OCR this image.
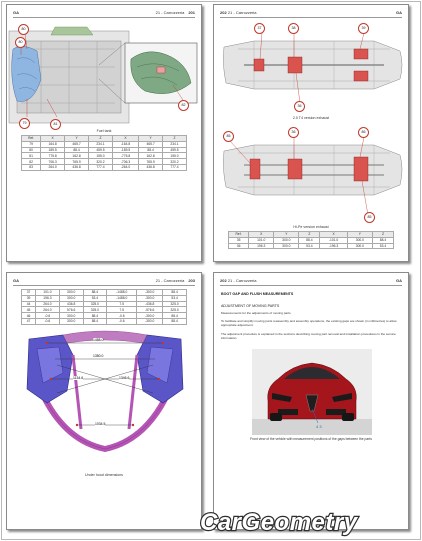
GA	21 - Carrozzeria 201
80
80
79	81
82
Fuel tank
Ref.	X	Y	Z	X	Y	Z
79	164.8	465.7	234.1	-164.8	465.7	234.1
80	189.5	88.4	459.5	-189.5	88.4	459.5
81	775.8	162.8	155.0	-775.8	162.8	155.0
82	706.3	765.9	320.2	-706.3	765.9	320.2
83	264.0	436.8	777.4	-264.0	436.8	777.4
202 21 - Carrozzeria	GA
37	38	39
36
2.0 T4 version exhaust
85
36	86
85
Hi-Pe version exhaust
Ref.	X	Y	Z	X	Y	Z
35	101.0	300.0	88.4	-101.0	300.0	88.4
36	196.3	300.0	53.4	-196.3	300.0	53.4
GA	21 - Carrozzeria 203
37	101.0	300.0	88.4	-1488.0	-300.0	88.4
39	196.3	300.0	53.4	-1488.0	-300.0	53.4
44	264.0	436.8	325.0	7.5	-436.8	325.0
45	264.0	576.6	325.0	7.5	-576.6	325.0
46	-0.6	300.0	88.4	-0.6	-300.0	88.4
47	-0.6	300.0	88.4	-0.6	-300.0	88.4
1488.0
1350.0
1134.6	1346.6
1034.5
Under hood dimensions
202 21 - Carrozzeria	GA
BOOT GAP AND FLUSH MEASUREMENTS
ADJUSTMENT OF MOVING PARTS
Measurements for the adjustments of moving parts
To facilitate and simplify moving parts reassembly and assembly operations, the existing gaps are shown (in millimetres) to allow appropriate adjustment.
The adjustment procedure is explained in the sections describing moving part removal and installation procedures in the service information.
4 3
Front view of the vehicle with measurement positions of the gaps between the parts
CarGeometry
